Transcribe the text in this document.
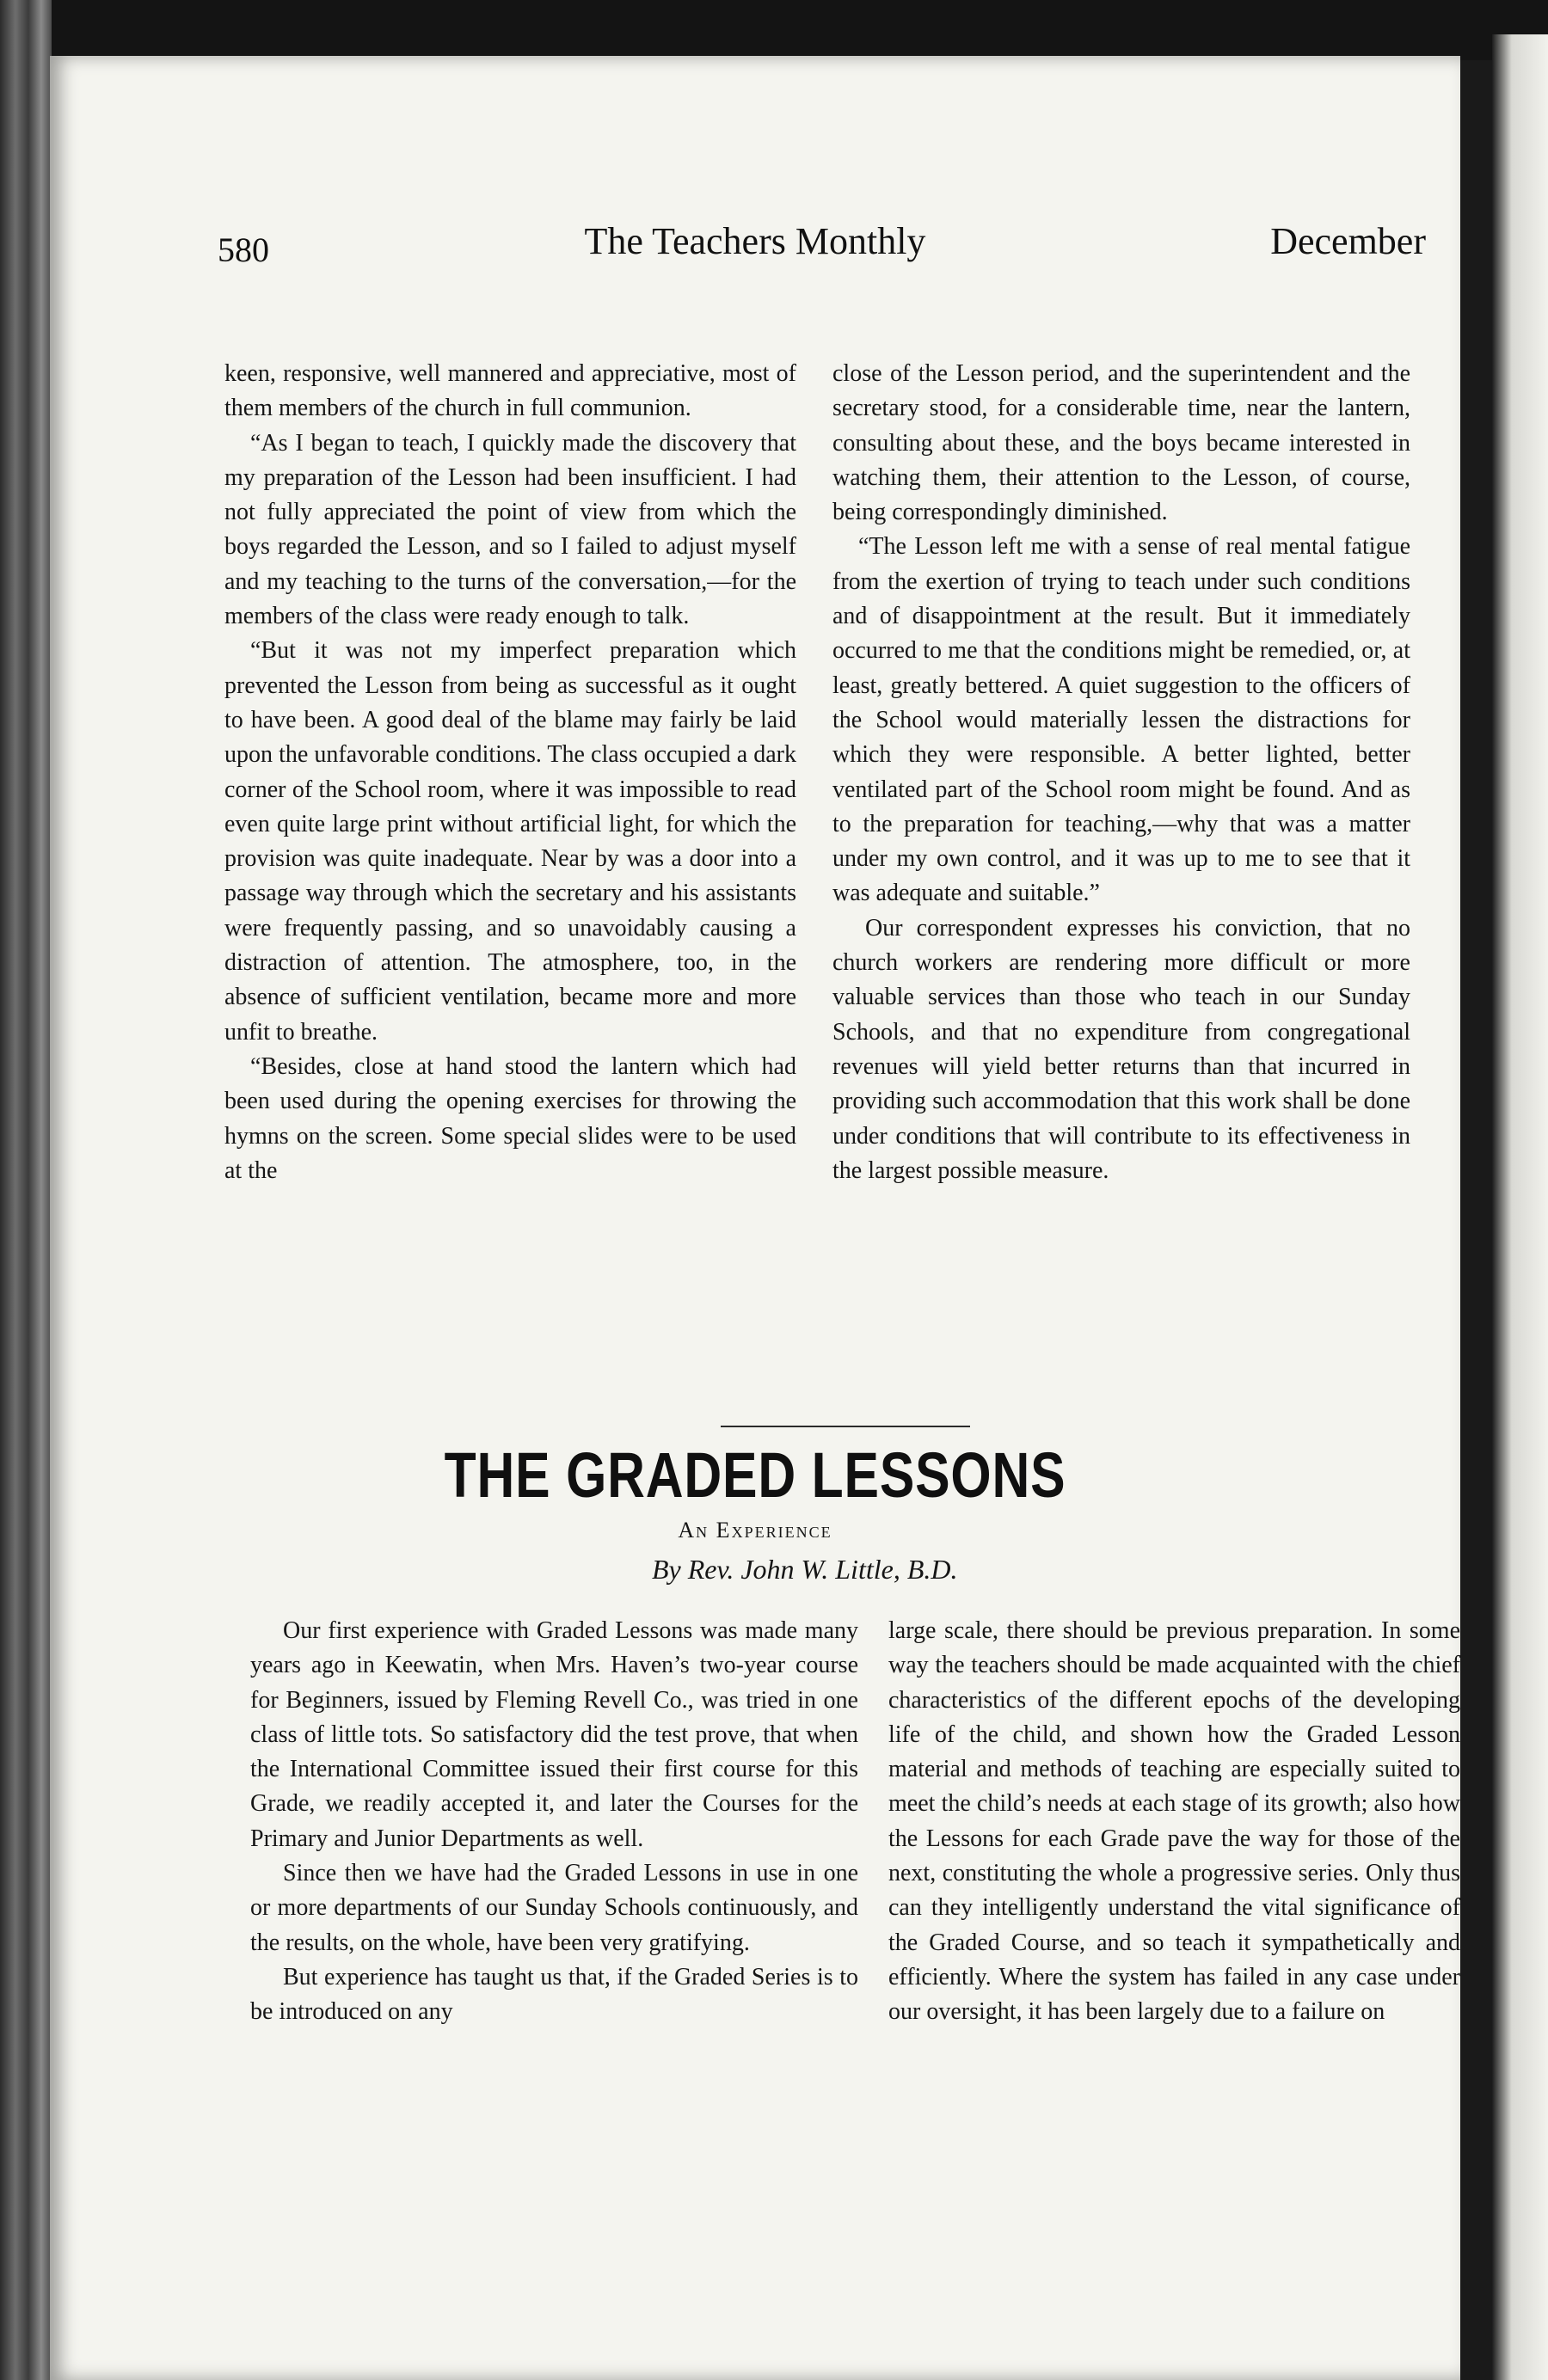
580	The Teachers Monthly	December

keen, responsive, well mannered and appreciative, most of them members of the church in full communion.

“As I began to teach, I quickly made the discovery that my preparation of the Lesson had been insufficient. I had not fully appreciated the point of view from which the boys regarded the Lesson, and so I failed to adjust myself and my teaching to the turns of the conversation,—for the members of the class were ready enough to talk.

“But it was not my imperfect preparation which prevented the Lesson from being as successful as it ought to have been. A good deal of the blame may fairly be laid upon the unfavorable conditions. The class occupied a dark corner of the School room, where it was impossible to read even quite large print without artificial light, for which the provision was quite inadequate. Near by was a door into a passage way through which the secretary and his assistants were frequently passing, and so unavoidably causing a distraction of attention. The atmosphere, too, in the absence of sufficient ventilation, became more and more unfit to breathe.

“Besides, close at hand stood the lantern which had been used during the opening exercises for throwing the hymns on the screen. Some special slides were to be used at the

close of the Lesson period, and the superintendent and the secretary stood, for a considerable time, near the lantern, consulting about these, and the boys became interested in watching them, their attention to the Lesson, of course, being correspondingly diminished.

“The Lesson left me with a sense of real mental fatigue from the exertion of trying to teach under such conditions and of disappointment at the result. But it immediately occurred to me that the conditions might be remedied, or, at least, greatly bettered. A quiet suggestion to the officers of the School would materially lessen the distractions for which they were responsible. A better lighted, better ventilated part of the School room might be found. And as to the preparation for teaching,—why that was a matter under my own control, and it was up to me to see that it was adequate and suitable.”

Our correspondent expresses his conviction, that no church workers are rendering more difficult or more valuable services than those who teach in our Sunday Schools, and that no expenditure from congregational revenues will yield better returns than that incurred in providing such accommodation that this work shall be done under conditions that will contribute to its effectiveness in the largest possible measure.

THE GRADED LESSONS
An Experience
By Rev. John W. Little, B.D.

Our first experience with Graded Lessons was made many years ago in Keewatin, when Mrs. Haven’s two-year course for Beginners, issued by Fleming Revell Co., was tried in one class of little tots. So satisfactory did the test prove, that when the International Committee issued their first course for this Grade, we readily accepted it, and later the Courses for the Primary and Junior Departments as well.

Since then we have had the Graded Lessons in use in one or more departments of our Sunday Schools continuously, and the results, on the whole, have been very gratifying.

But experience has taught us that, if the Graded Series is to be introduced on any

large scale, there should be previous preparation. In some way the teachers should be made acquainted with the chief characteristics of the different epochs of the developing life of the child, and shown how the Graded Lesson material and methods of teaching are especially suited to meet the child’s needs at each stage of its growth; also how the Lessons for each Grade pave the way for those of the next, constituting the whole a progressive series. Only thus can they intelligently understand the vital significance of the Graded Course, and so teach it sympathetically and efficiently. Where the system has failed in any case under our oversight, it has been largely due to a failure on
